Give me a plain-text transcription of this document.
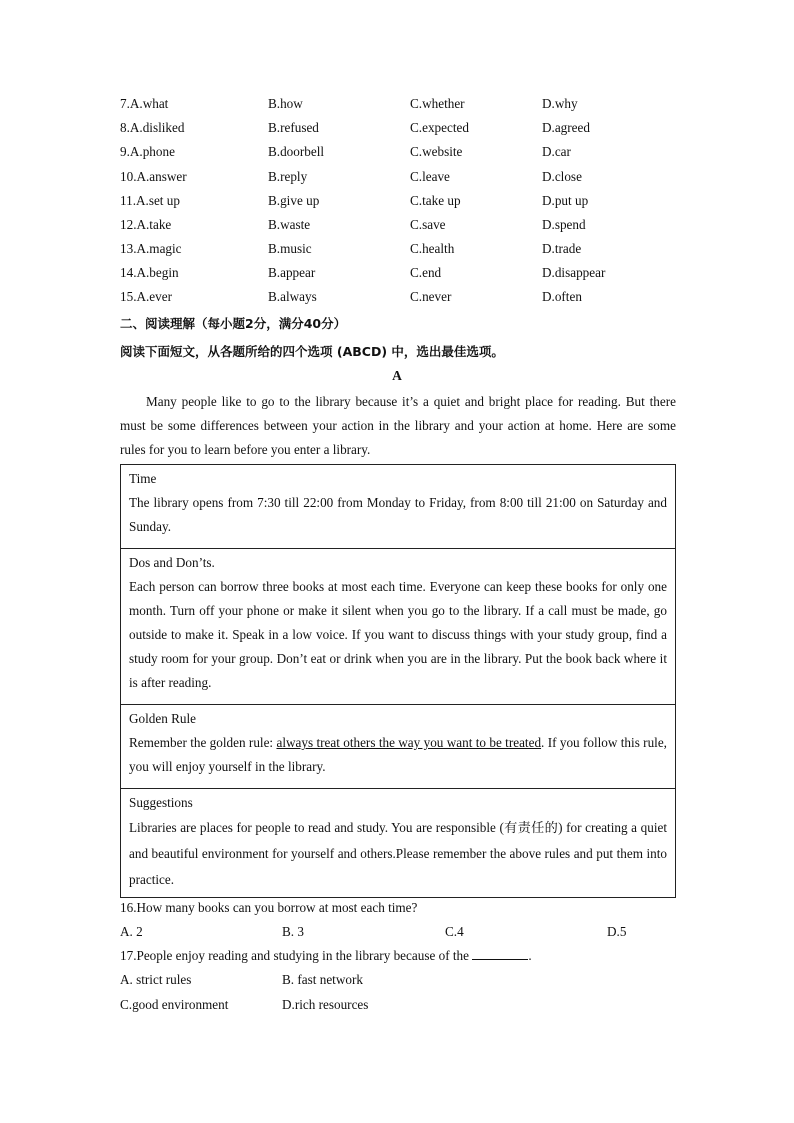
7.A.what	B.how	C.whether	D.why
8.A.disliked	B.refused	C.expected	D.agreed
9.A.phone	B.doorbell	C.website	D.car
10.A.answer	B.reply	C.leave	D.close
11.A.set up	B.give up	C.take up	D.put up
12.A.take	B.waste	C.save	D.spend
13.A.magic	B.music	C.health	D.trade
14.A.begin	B.appear	C.end	D.disappear
15.A.ever	B.always	C.never	D.often
二、阅读理解（每小题2分，满分40分）
阅读下面短文，从各题所给的四个选项 (ABCD) 中，选出最佳选项。
A
Many people like to go to the library because it’s a quiet and bright place for reading. But there must be some differences between your action in the library and your action at home. Here are some rules for you to learn before you enter a library.
Time
The library opens from 7:30 till 22:00 from Monday to Friday, from 8:00 till 21:00 on Saturday and Sunday.
Dos and Don’ts.
Each person can borrow three books at most each time. Everyone can keep these books for only one month. Turn off your phone or make it silent when you go to the library. If a call must be made, go outside to make it. Speak in a low voice. If you want to discuss things with your study group, find a study room for your group. Don’t eat or drink when you are in the library. Put the book back where it is after reading.
Golden Rule
Remember the golden rule: always treat others the way you want to be treated. If you follow this rule, you will enjoy yourself in the library.
Suggestions
Libraries are places for people to read and study. You are responsible (有责任的) for creating a quiet and beautiful environment for yourself and others.Please remember the above rules and put them into practice.
16.How many books can you borrow at most each time?
A. 2	B. 3	C.4	D.5
17.People enjoy reading and studying in the library because of the	.
A. strict rules	B. fast network
C.good environment	D.rich resources
